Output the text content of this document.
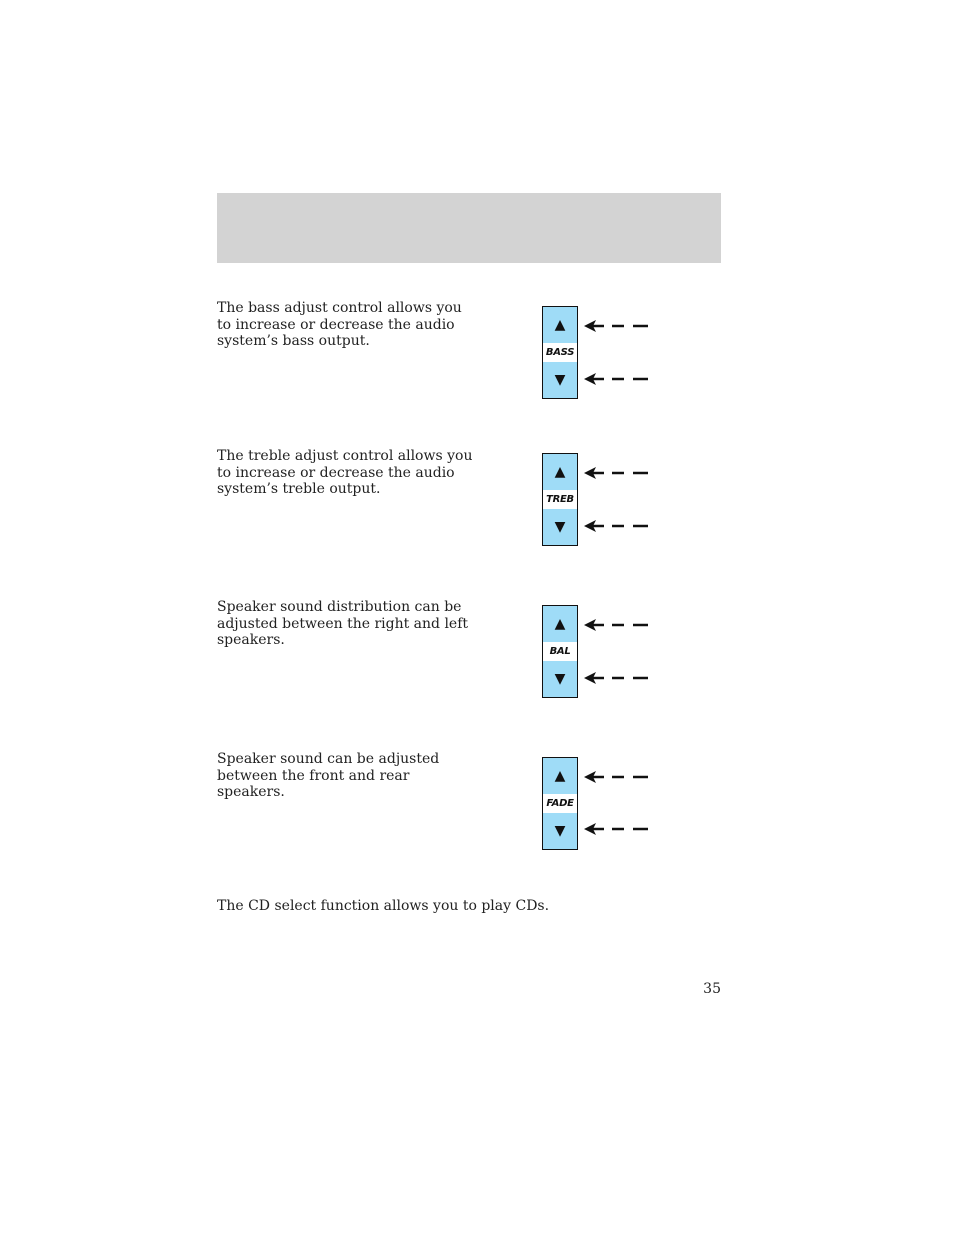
The bass adjust control allows you
to increase or decrease the audio
system’s bass output.
▲
BASS
▼
The treble adjust control allows you
to increase or decrease the audio
system’s treble output.
▲
TREB
▼
Speaker sound distribution can be
adjusted between the right and left
speakers.
▲
BAL
▼
Speaker sound can be adjusted
between the front and rear
speakers.
▲
FADE
▼
The CD select function allows you to play CDs.
35
